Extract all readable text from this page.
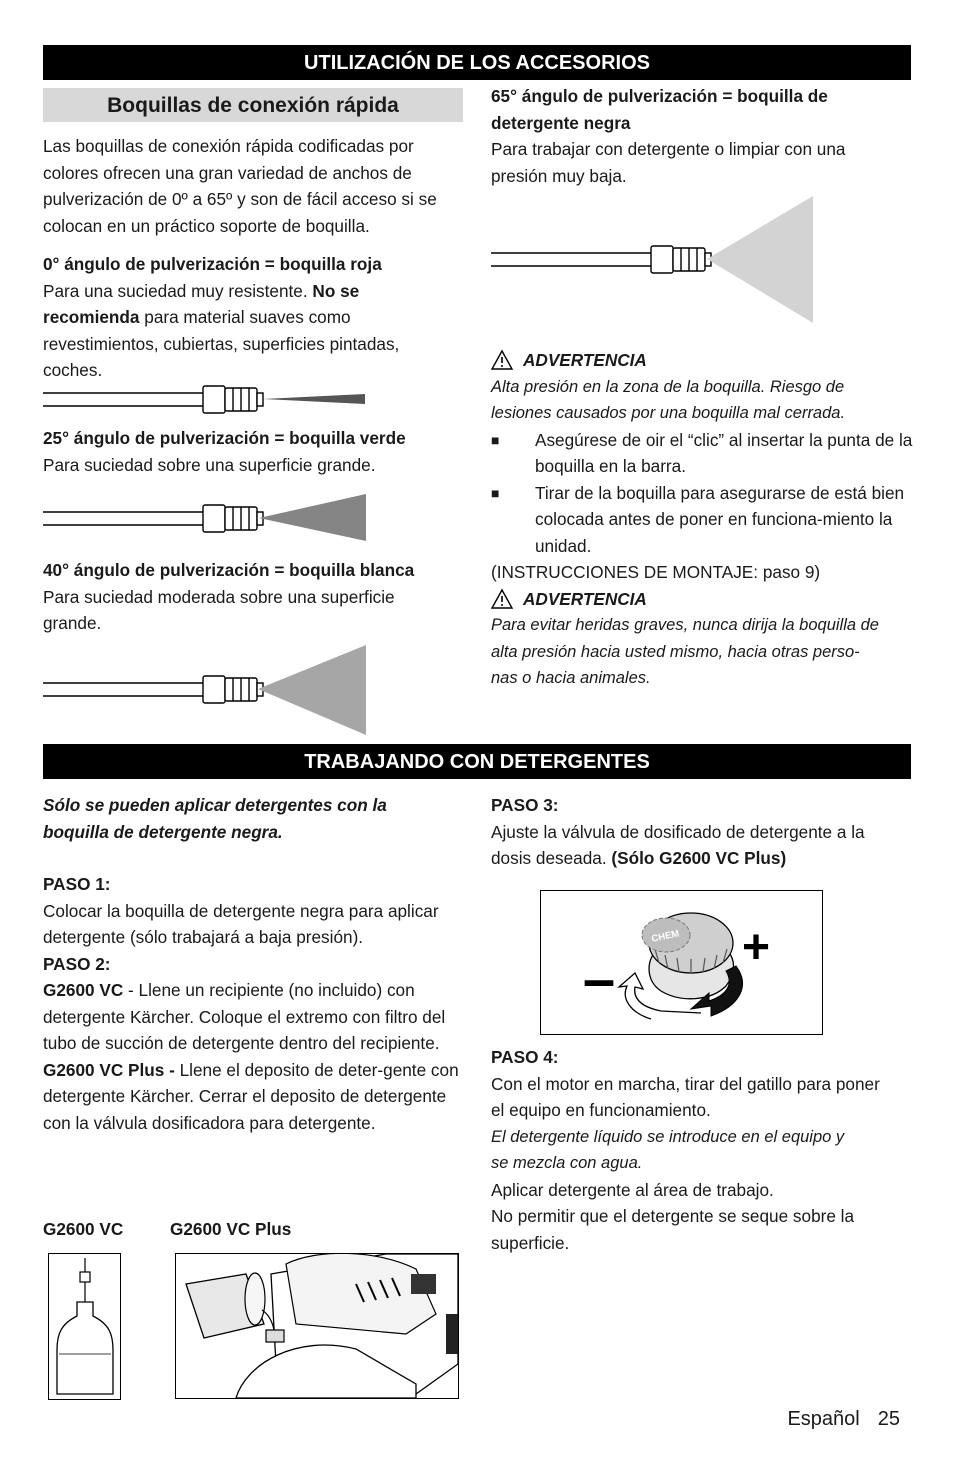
UTILIZACIÓN DE LOS ACCESORIOS
Boquillas de conexión rápida

Las boquillas de conexión rápida codificadas por colores ofrecen una gran variedad de anchos de pulverización de 0º a 65º y son de fácil acceso si se colocan en un práctico soporte de boquilla.

0° ángulo de pulverización = boquilla roja

Para una suciedad muy resistente. No se recomienda para material suaves como revestimientos, cubiertas, superficies pintadas, coches.

25° ángulo de pulverización = boquilla verde

Para suciedad sobre una superficie grande.

40° ángulo de pulverización = boquilla blanca

Para suciedad moderada sobre una superficie grande.

65° ángulo de pulverización = boquilla de detergente negra

Para trabajar con detergente o limpiar con una presión muy baja.

ADVERTENCIA

Alta presión en la zona de la boquilla. Riesgo de lesiones causados por una boquilla mal cerrada.

■ Asegúrese de oir el “clic” al insertar la punta de la boquilla en la barra.
■ Tirar de la boquilla para asegurarse de está bien colocada antes de poner en funciona-miento la unidad.

(INSTRUCCIONES DE MONTAJE: paso 9)

ADVERTENCIA

Para evitar heridas graves, nunca dirija la boquilla de alta presión hacia usted mismo, hacia otras perso-nas o hacia animales.

TRABAJANDO CON DETERGENTES

Sólo se pueden aplicar detergentes con la boquilla de detergente negra.

PASO 1:

Colocar la boquilla de detergente negra para aplicar detergente (sólo trabajará a baja presión).

PASO 2:

G2600 VC - Llene un recipiente (no incluido) con detergente Kärcher. Coloque el extremo con filtro del tubo de succión de detergente dentro del recipiente.

G2600 VC Plus - Llene el deposito de deter-gente con detergente Kärcher. Cerrar el deposito de detergente con la válvula dosificadora para detergente.

G2600 VC	G2600 VC Plus

PASO 3:

Ajuste la válvula de dosificado de detergente a la dosis deseada. (Sólo G2600 VC Plus)

CHEM
–	+

PASO 4:

Con el motor en marcha, tirar del gatillo para poner el equipo en funcionamiento.

El detergente líquido se introduce en el equipo y se mezcla con agua.

Aplicar detergente al área de trabajo.

No permitir que el detergente se seque sobre la superficie.

Español 25
